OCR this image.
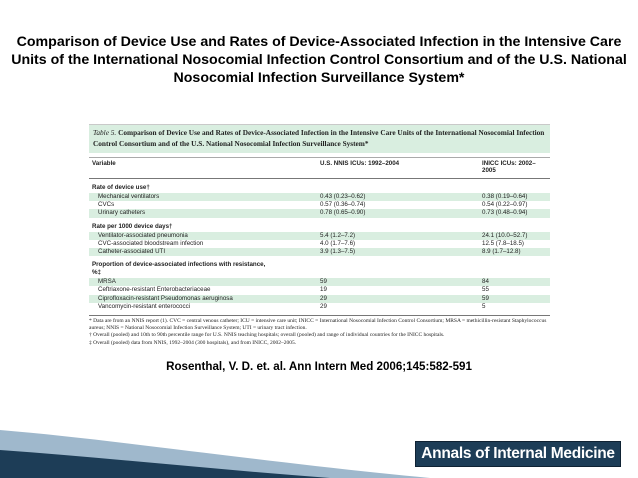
Comparison of Device Use and Rates of Device-Associated Infection in the Intensive Care Units of the International Nosocomial Infection Control Consortium and of the U.S. National Nosocomial Infection Surveillance System*
Table 5. Comparison of Device Use and Rates of Device-Associated Infection in the Intensive Care Units of the International Nosocomial Infection Control Consortium and of the U.S. National Nosocomial Infection Surveillance System*
Variable	U.S. NNIS ICUs: 1992–2004	INICC ICUs: 2002–2005
Rate of device use†
Mechanical ventilators	0.43 (0.23–0.62)	0.38 (0.19–0.64)
CVCs	0.57 (0.36–0.74)	0.54 (0.22–0.97)
Urinary catheters	0.78 (0.65–0.90)	0.73 (0.48–0.94)
Rate per 1000 device days†
Ventilator-associated pneumonia	5.4 (1.2–7.2)	24.1 (10.0–52.7)
CVC-associated bloodstream infection	4.0 (1.7–7.6)	12.5 (7.8–18.5)
Catheter-associated UTI	3.9 (1.3–7.5)	8.9 (1.7–12.8)
Proportion of device-associated infections with resistance, %‡
MRSA	59	84
Ceftriaxone-resistant Enterobacteriaceae	19	55
Ciprofloxacin-resistant Pseudomonas aeruginosa	29	59
Vancomycin-resistant enterococci	29	5
* Data are from an NNIS report (1). CVC = central venous catheter; ICU = intensive care unit; INICC = International Nosocomial Infection Control Consortium; MRSA = methicillin-resistant Staphylococcus aureus; NNIS = National Nosocomial Infection Surveillance System; UTI = urinary tract infection.
† Overall (pooled) and 10th to 90th percentile range for U.S. NNIS teaching hospitals; overall (pooled) and range of individual countries for the INICC hospitals.
‡ Overall (pooled) data from NNIS, 1992–2004 (300 hospitals), and from INICC, 2002–2005.
Rosenthal, V. D. et. al. Ann Intern Med 2006;145:582-591
Annals of Internal Medicine
